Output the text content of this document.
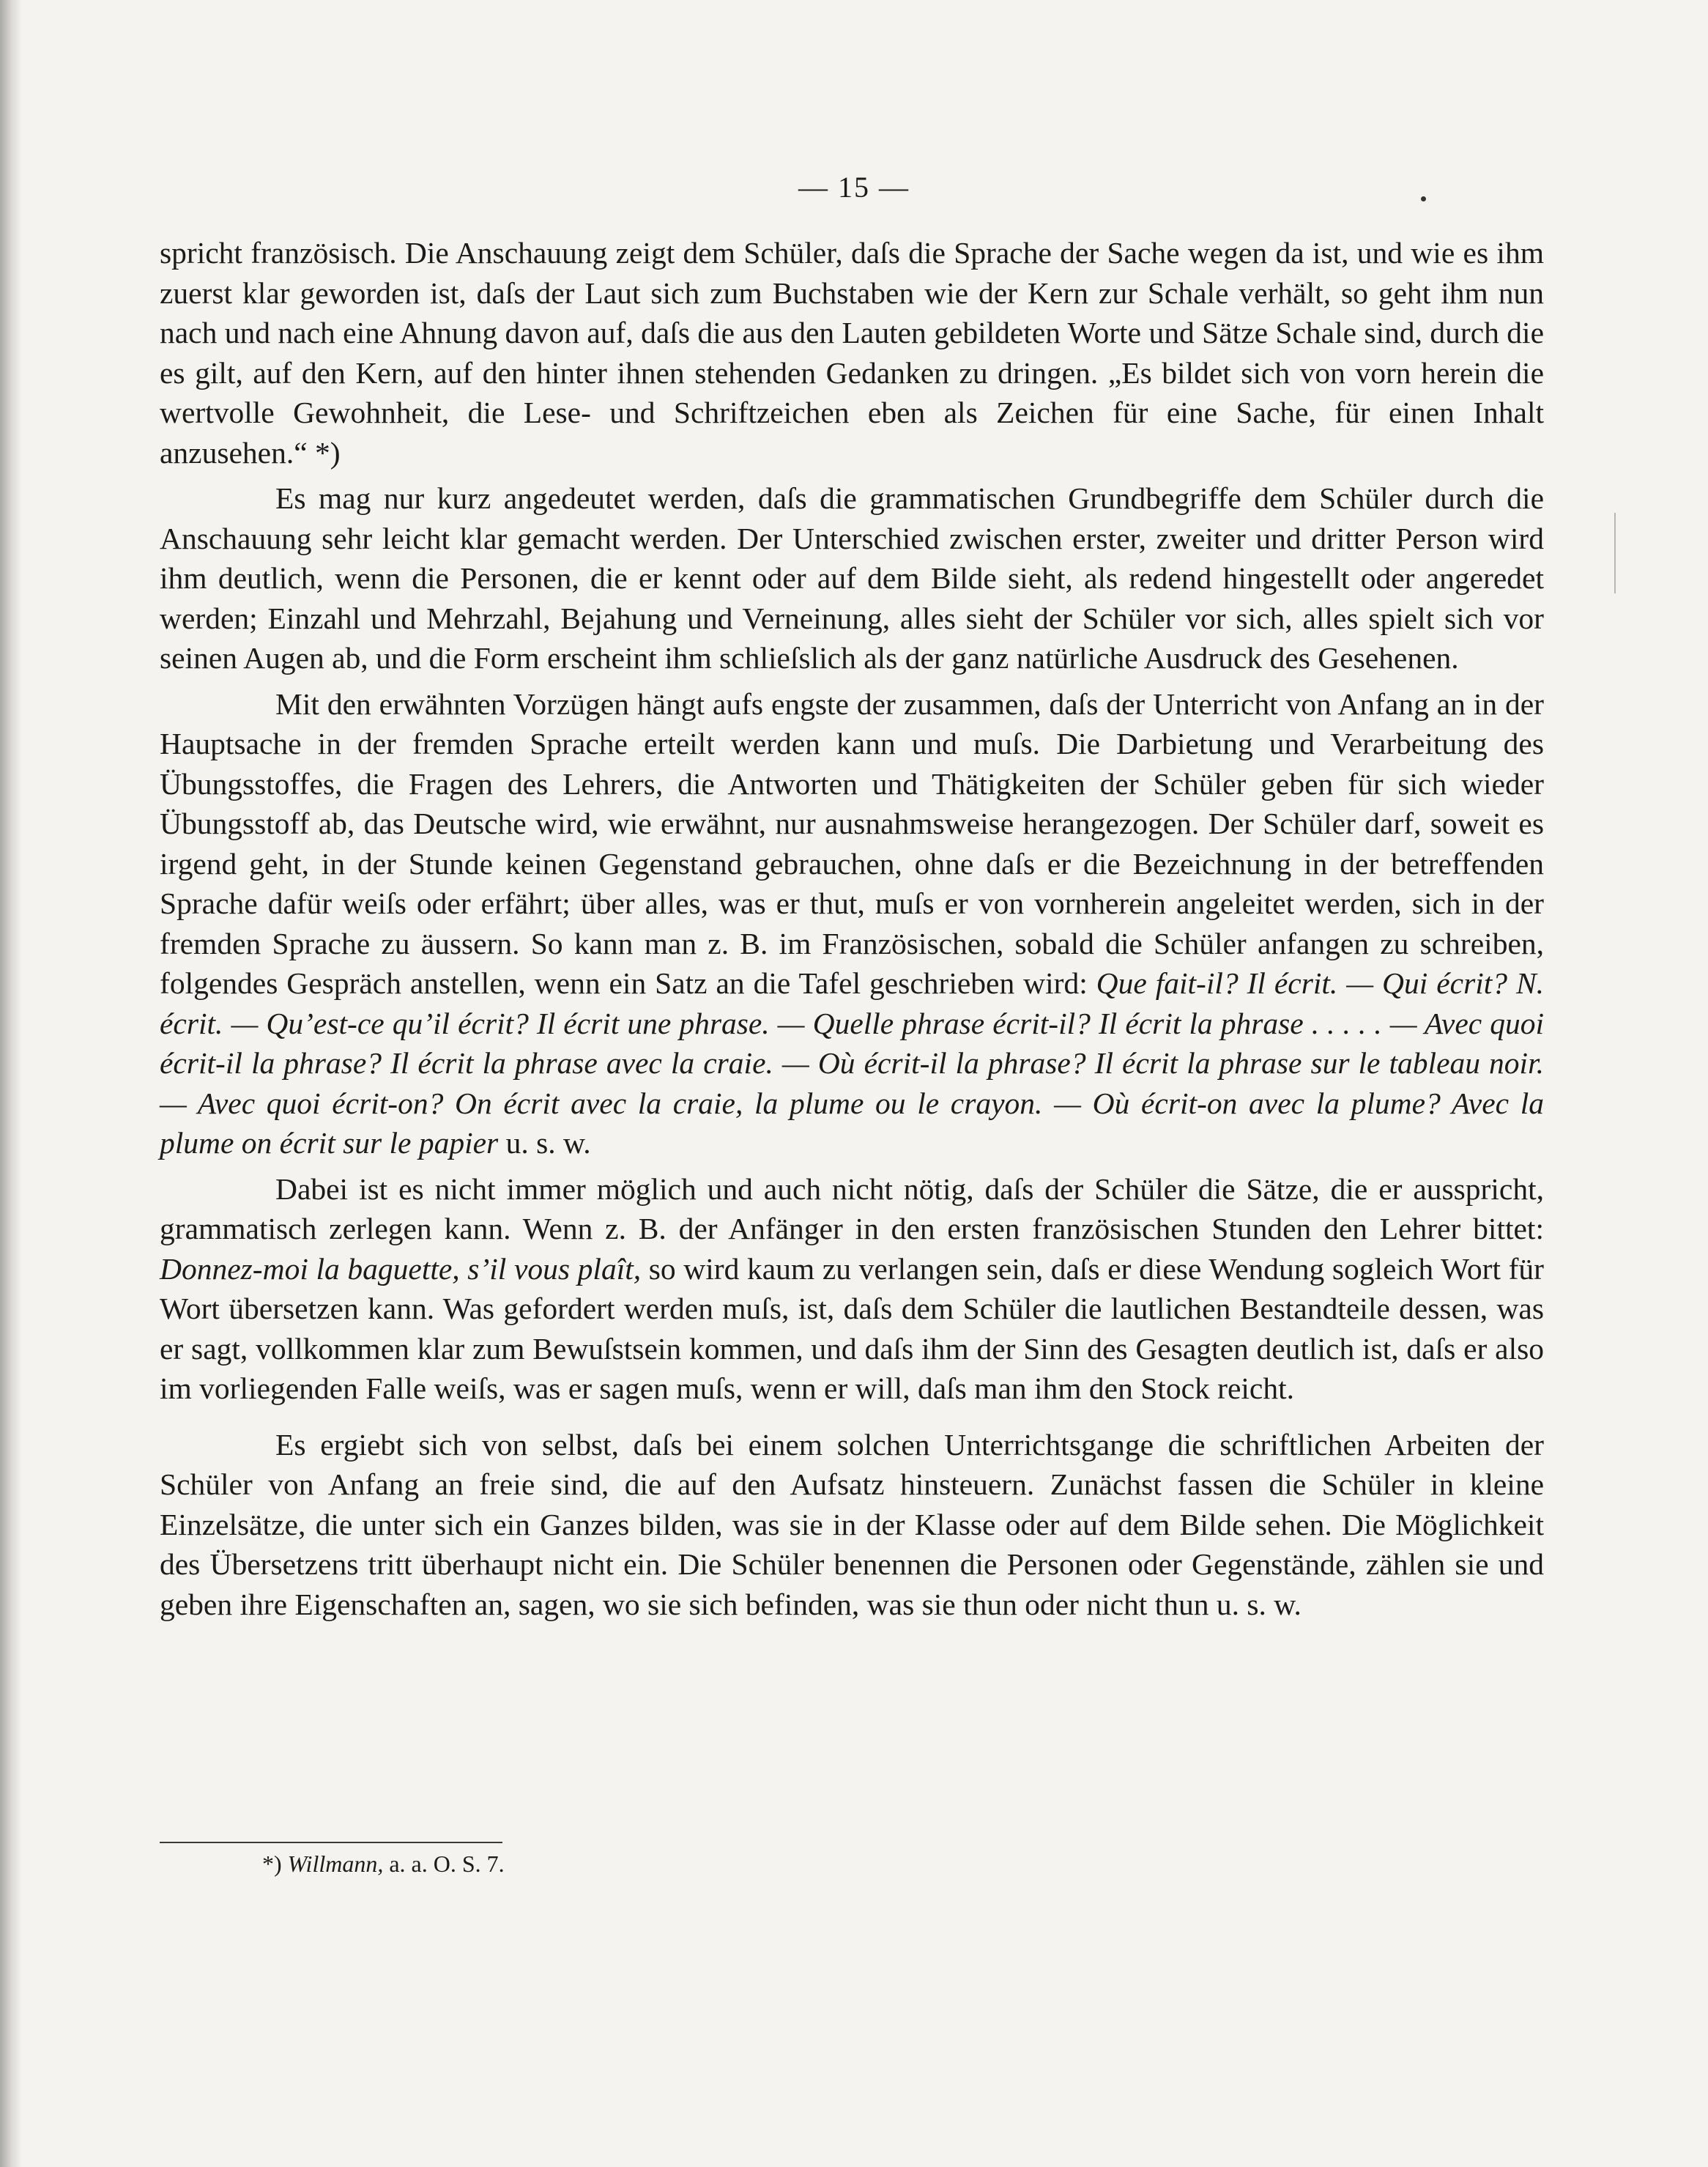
— 15 —

spricht französisch. Die Anschauung zeigt dem Schüler, daſs die Sprache der Sache wegen da ist, und wie es ihm zuerst klar geworden ist, daſs der Laut sich zum Buchstaben wie der Kern zur Schale verhält, so geht ihm nun nach und nach eine Ahnung davon auf, daſs die aus den Lauten gebildeten Worte und Sätze Schale sind, durch die es gilt, auf den Kern, auf den hinter ihnen stehenden Gedanken zu dringen. „Es bildet sich von vorn herein die wertvolle Gewohnheit, die Lese- und Schriftzeichen eben als Zeichen für eine Sache, für einen Inhalt anzusehen.“ *)

Es mag nur kurz angedeutet werden, daſs die grammatischen Grundbegriffe dem Schüler durch die Anschauung sehr leicht klar gemacht werden. Der Unterschied zwischen erster, zweiter und dritter Person wird ihm deutlich, wenn die Personen, die er kennt oder auf dem Bilde sieht, als redend hingestellt oder angeredet werden; Einzahl und Mehrzahl, Bejahung und Verneinung, alles sieht der Schüler vor sich, alles spielt sich vor seinen Augen ab, und die Form erscheint ihm schlieſslich als der ganz natürliche Ausdruck des Gesehenen.

Mit den erwähnten Vorzügen hängt aufs engste der zusammen, daſs der Unterricht von Anfang an in der Hauptsache in der fremden Sprache erteilt werden kann und muſs. Die Darbietung und Verarbeitung des Übungsstoffes, die Fragen des Lehrers, die Antworten und Thätigkeiten der Schüler geben für sich wieder Übungsstoff ab, das Deutsche wird, wie erwähnt, nur ausnahmsweise herangezogen. Der Schüler darf, soweit es irgend geht, in der Stunde keinen Gegenstand gebrauchen, ohne daſs er die Bezeichnung in der betreffenden Sprache dafür weiſs oder erfährt; über alles, was er thut, muſs er von vornherein angeleitet werden, sich in der fremden Sprache zu äussern. So kann man z. B. im Französischen, sobald die Schüler anfangen zu schreiben, folgendes Gespräch anstellen, wenn ein Satz an die Tafel geschrieben wird: Que fait-il? Il écrit. — Qui écrit? N. écrit. — Qu’est-ce qu’il écrit? Il écrit une phrase. — Quelle phrase écrit-il? Il écrit la phrase . . . . . — Avec quoi écrit-il la phrase? Il écrit la phrase avec la craie. — Où écrit-il la phrase? Il écrit la phrase sur le tableau noir. — Avec quoi écrit-on? On écrit avec la craie, la plume ou le crayon. — Où écrit-on avec la plume? Avec la plume on écrit sur le papier u. s. w.

Dabei ist es nicht immer möglich und auch nicht nötig, daſs der Schüler die Sätze, die er ausspricht, grammatisch zerlegen kann. Wenn z. B. der Anfänger in den ersten französischen Stunden den Lehrer bittet: Donnez-moi la baguette, s’il vous plaît, so wird kaum zu verlangen sein, daſs er diese Wendung sogleich Wort für Wort übersetzen kann. Was gefordert werden muſs, ist, daſs dem Schüler die lautlichen Bestandteile dessen, was er sagt, vollkommen klar zum Bewuſstsein kommen, und daſs ihm der Sinn des Gesagten deutlich ist, daſs er also im vorliegenden Falle weiſs, was er sagen muſs, wenn er will, daſs man ihm den Stock reicht.

Es ergiebt sich von selbst, daſs bei einem solchen Unterrichtsgange die schriftlichen Arbeiten der Schüler von Anfang an freie sind, die auf den Aufsatz hinsteuern. Zunächst fassen die Schüler in kleine Einzelsätze, die unter sich ein Ganzes bilden, was sie in der Klasse oder auf dem Bilde sehen. Die Möglichkeit des Übersetzens tritt überhaupt nicht ein. Die Schüler benennen die Personen oder Gegenstände, zählen sie und geben ihre Eigenschaften an, sagen, wo sie sich befinden, was sie thun oder nicht thun u. s. w.

*) Willmann, a. a. O. S. 7.
